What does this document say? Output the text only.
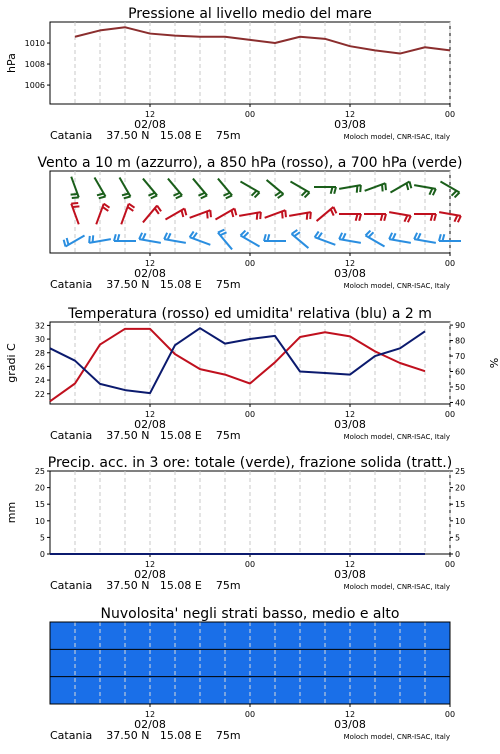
Pressione al livello medio del mare
12	00	12	00
02/08	03/08
Catania    37.50 N   15.08 E    75m	Moloch model, CNR-ISAC, Italy
1006
1008
1010
hPa
Vento a 10 m (azzurro), a 850 hPa (rosso), a 700 hPa (verde)
12	00	12	00
02/08	03/08
Catania    37.50 N   15.08 E    75m	Moloch model, CNR-ISAC, Italy
Temperatura (rosso) ed umidita' relativa (blu) a 2 m
12	00	12	00
02/08	03/08
Catania    37.50 N   15.08 E    75m	Moloch model, CNR-ISAC, Italy
22
24
26
28
30
32
gradi C
40
50
60
70
80
90
%
Precip. acc. in 3 ore: totale (verde), frazione solida (tratt.)
12	00	12	00
02/08	03/08
Catania    37.50 N   15.08 E    75m	Moloch model, CNR-ISAC, Italy
0
5
10
15
20
25
mm
0
5
10
15
20
25
Nuvolosita' negli strati basso, medio e alto
12	00	12	00
02/08	03/08
Catania    37.50 N   15.08 E    75m	Moloch model, CNR-ISAC, Italy
